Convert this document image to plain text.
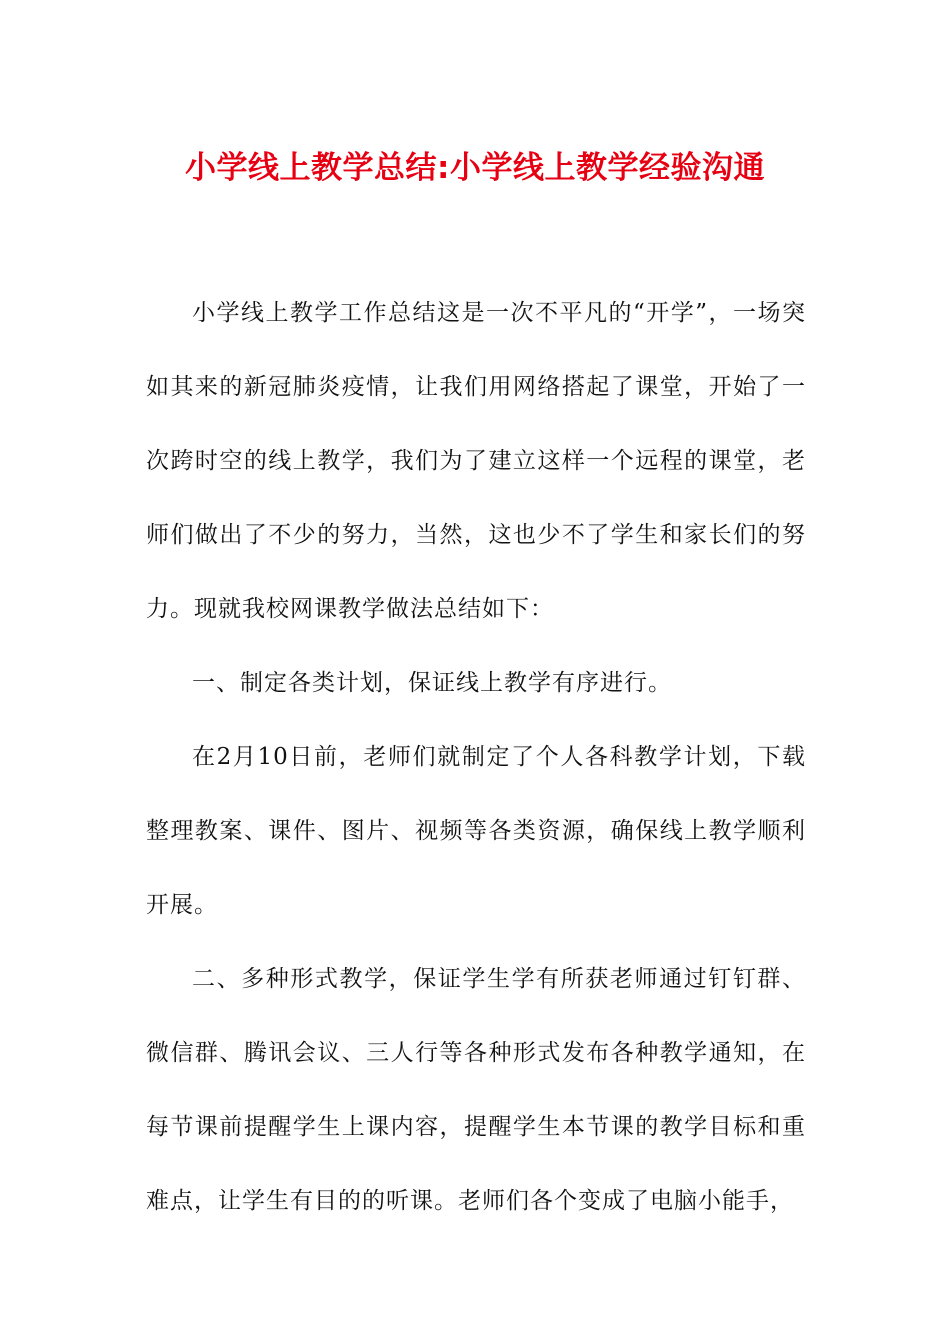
小学线上教学总结:小学线上教学经验沟通

小学线上教学工作总结这是一次不平凡的“开学”，一场突如其来的新冠肺炎疫情，让我们用网络搭起了课堂，开始了一次跨时空的线上教学，我们为了建立这样一个远程的课堂，老师们做出了不少的努力，当然，这也少不了学生和家长们的努力。现就我校网课教学做法总结如下：

一、制定各类计划，保证线上教学有序进行。

在2月10日前，老师们就制定了个人各科教学计划，下载整理教案、课件、图片、视频等各类资源，确保线上教学顺利开展。

二、多种形式教学，保证学生学有所获老师通过钉钉群、微信群、腾讯会议、三人行等各种形式发布各种教学通知，在每节课前提醒学生上课内容，提醒学生本节课的教学目标和重难点，让学生有目的的听课。老师们各个变成了电脑小能手，
